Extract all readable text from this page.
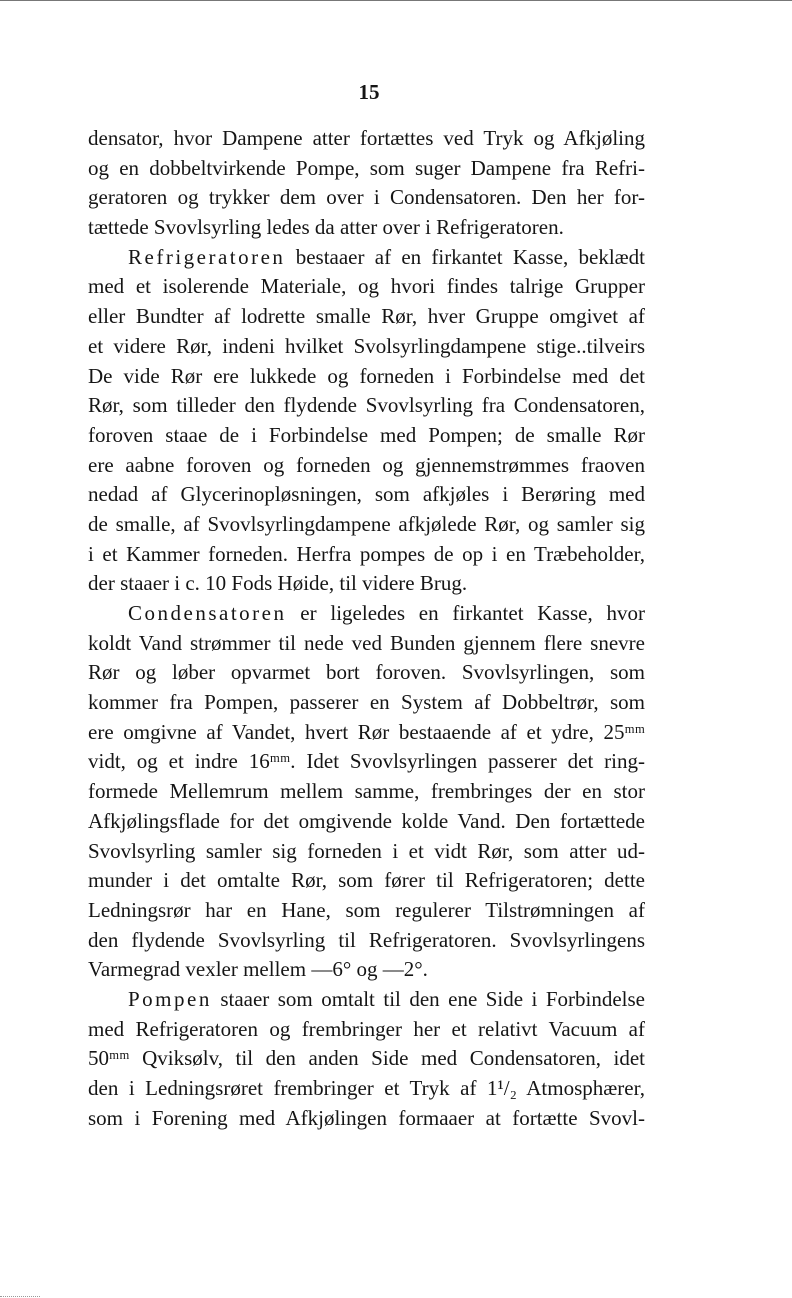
15
densator, hvor Dampene atter fortættes ved Tryk og Afkjøling
og en dobbeltvirkende Pompe, som suger Dampene fra Refri-
geratoren og trykker dem over i Condensatoren. Den her for-
tættede Svovlsyrling ledes da atter over i Refrigeratoren.
Refrigeratoren bestaaer af en firkantet Kasse, beklædt
med et isolerende Materiale, og hvori findes talrige Grupper
eller Bundter af lodrette smalle Rør, hver Gruppe omgivet af
et videre Rør, indeni hvilket Svolsyrlingdampene stige..tilveirs
De vide Rør ere lukkede og forneden i Forbindelse med det
Rør, som tilleder den flydende Svovlsyrling fra Condensatoren,
foroven staae de i Forbindelse med Pompen; de smalle Rør
ere aabne foroven og forneden og gjennemstrømmes fraoven
nedad af Glycerinopløsningen, som afkjøles i Berøring med
de smalle, af Svovlsyrlingdampene afkjølede Rør, og samler sig
i et Kammer forneden. Herfra pompes de op i en Træbeholder,
der staaer i c. 10 Fods Høide, til videre Brug.
Condensatoren er ligeledes en firkantet Kasse, hvor
koldt Vand strømmer til nede ved Bunden gjennem flere snevre
Rør og løber opvarmet bort foroven. Svovlsyrlingen, som
kommer fra Pompen, passerer en System af Dobbeltrør, som
ere omgivne af Vandet, hvert Rør bestaaende af et ydre, 25ᵐᵐ
vidt, og et indre 16ᵐᵐ. Idet Svovlsyrlingen passerer det ring-
formede Mellemrum mellem samme, frembringes der en stor
Afkjølingsflade for det omgivende kolde Vand. Den fortættede
Svovlsyrling samler sig forneden i et vidt Rør, som atter ud-
munder i det omtalte Rør, som fører til Refrigeratoren; dette
Ledningsrør har en Hane, som regulerer Tilstrømningen af
den flydende Svovlsyrling til Refrigeratoren. Svovlsyrlingens
Varmegrad vexler mellem —6° og —2°.
Pompen staaer som omtalt til den ene Side i Forbindelse
med Refrigeratoren og frembringer her et relativt Vacuum af
50ᵐᵐ Qviksølv, til den anden Side med Condensatoren, idet
den i Ledningsrøret frembringer et Tryk af 1¹/₂ Atmosphærer,
som i Forening med Afkjølingen formaaer at fortætte Svovl-
